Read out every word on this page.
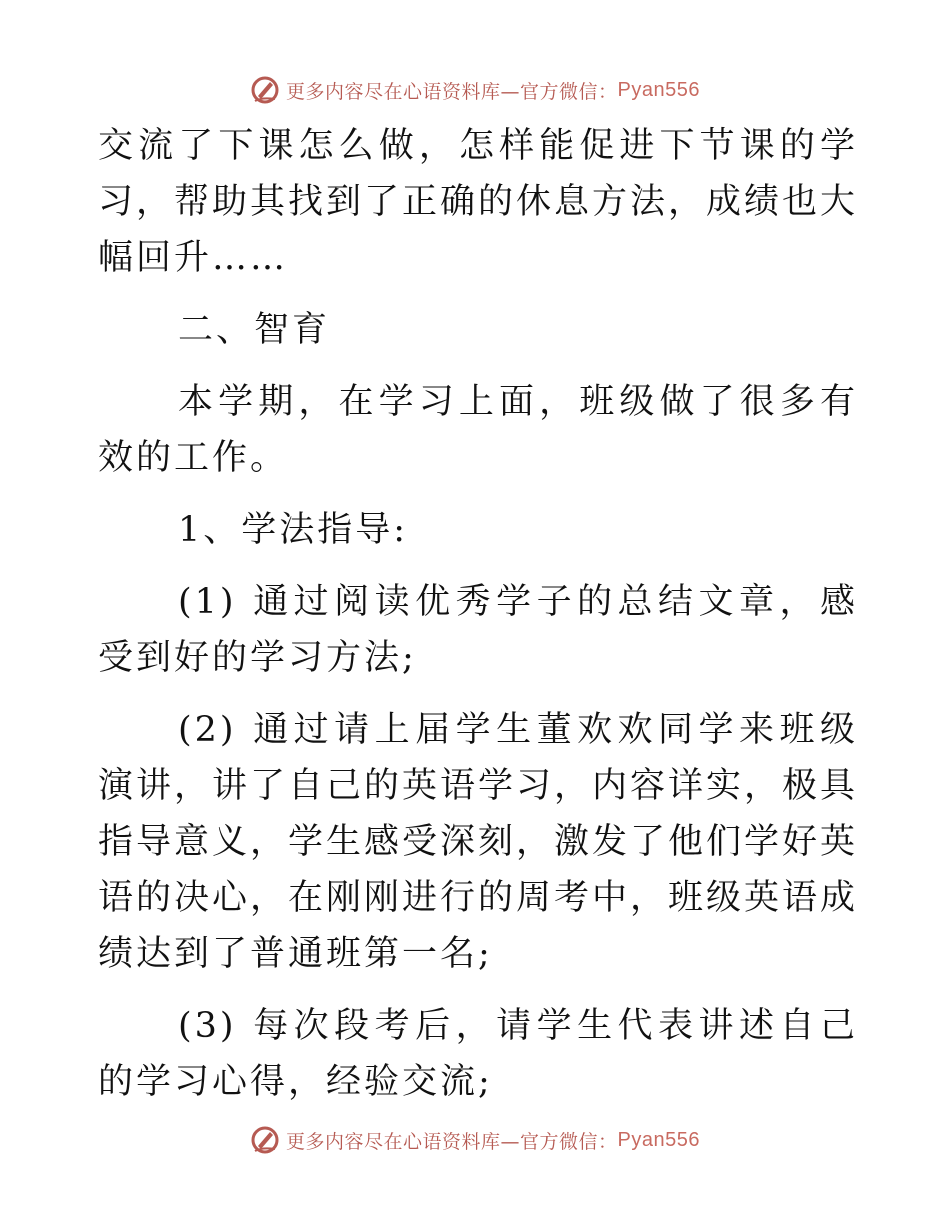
更多内容尽在心语资料库—官方微信： Pyan556

交流了下课怎么做，怎样能促进下节课的学习，帮助其找到了正确的休息方法，成绩也大幅回升……

二、智育

本学期，在学习上面，班级做了很多有效的工作。

1、学法指导:

(1) 通过阅读优秀学子的总结文章，感受到好的学习方法;

(2) 通过请上届学生董欢欢同学来班级演讲，讲了自己的英语学习，内容详实，极具指导意义，学生感受深刻，激发了他们学好英语的决心，在刚刚进行的周考中，班级英语成绩达到了普通班第一名;

(3) 每次段考后，请学生代表讲述自己的学习心得，经验交流;

更多内容尽在心语资料库—官方微信： Pyan556
